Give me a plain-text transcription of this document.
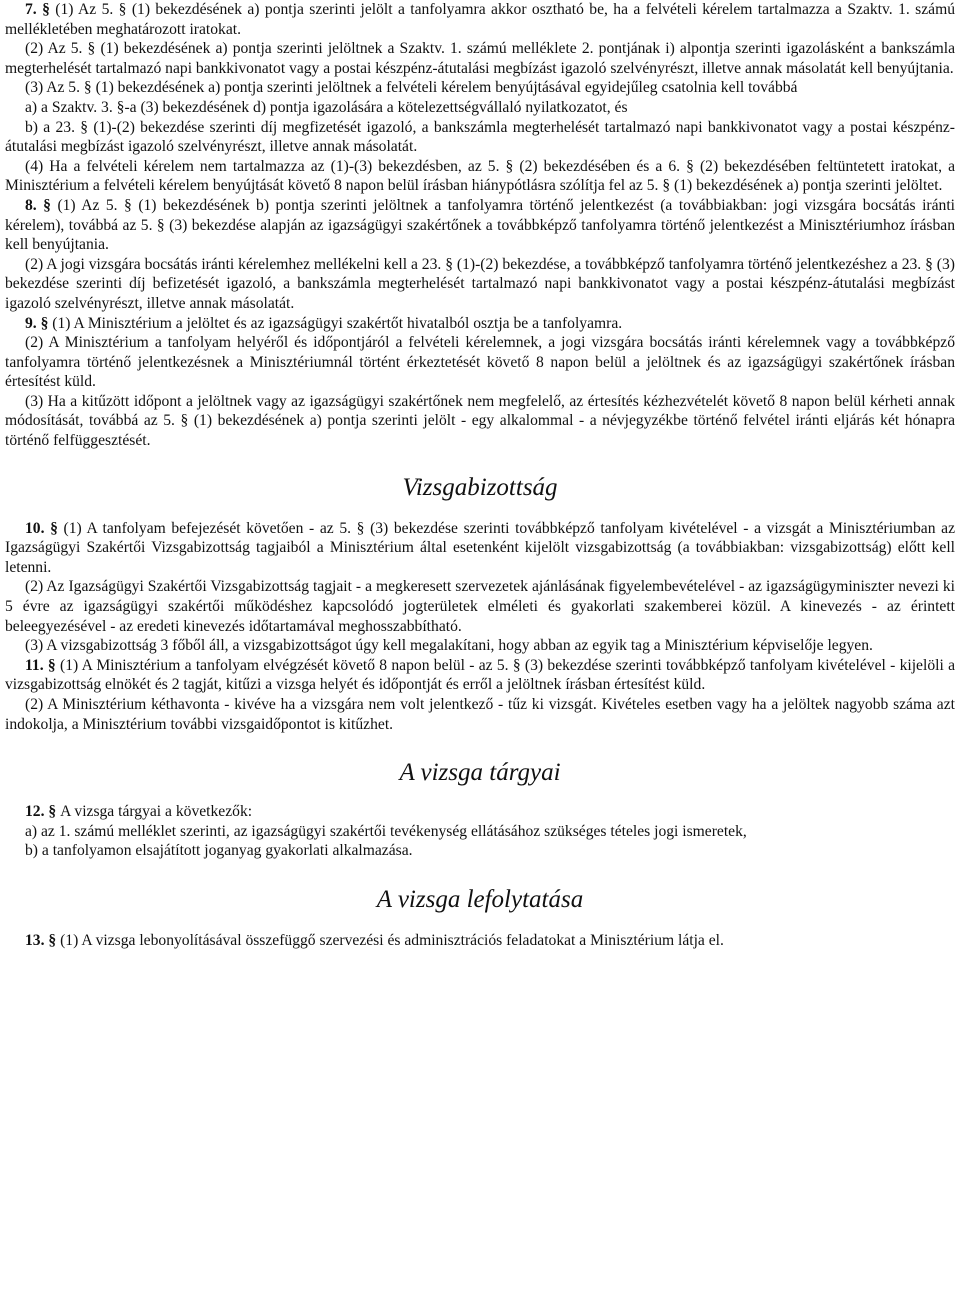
7. § (1) Az 5. § (1) bekezdésének a) pontja szerinti jelölt a tanfolyamra akkor osztható be, ha a felvételi kérelem tartalmazza a Szaktv. 1. számú mellékletében meghatározott iratokat.

(2) Az 5. § (1) bekezdésének a) pontja szerinti jelöltnek a Szaktv. 1. számú melléklete 2. pontjának i) alpontja szerinti igazolásként a bankszámla megterhelését tartalmazó napi bankkivonatot vagy a postai készpénz-átutalási megbízást igazoló szelvényrészt, illetve annak másolatát kell benyújtania.

(3) Az 5. § (1) bekezdésének a) pontja szerinti jelöltnek a felvételi kérelem benyújtásával egyidejűleg csatolnia kell továbbá

a) a Szaktv. 3. §-a (3) bekezdésének d) pontja igazolására a kötelezettségvállaló nyilatkozatot, és

b) a 23. § (1)-(2) bekezdése szerinti díj megfizetését igazoló, a bankszámla megterhelését tartalmazó napi bankkivonatot vagy a postai készpénz-átutalási megbízást igazoló szelvényrészt, illetve annak másolatát.

(4) Ha a felvételi kérelem nem tartalmazza az (1)-(3) bekezdésben, az 5. § (2) bekezdésében és a 6. § (2) bekezdésében feltüntetett iratokat, a Minisztérium a felvételi kérelem benyújtását követő 8 napon belül írásban hiánypótlásra szólítja fel az 5. § (1) bekezdésének a) pontja szerinti jelöltet.

8. § (1) Az 5. § (1) bekezdésének b) pontja szerinti jelöltnek a tanfolyamra történő jelentkezést (a továbbiakban: jogi vizsgára bocsátás iránti kérelem), továbbá az 5. § (3) bekezdése alapján az igazságügyi szakértőnek a továbbképző tanfolyamra történő jelentkezést a Minisztériumhoz írásban kell benyújtania.

(2) A jogi vizsgára bocsátás iránti kérelemhez mellékelni kell a 23. § (1)-(2) bekezdése, a továbbképző tanfolyamra történő jelentkezéshez a 23. § (3) bekezdése szerinti díj befizetését igazoló, a bankszámla megterhelését tartalmazó napi bankkivonatot vagy a postai készpénz-átutalási megbízást igazoló szelvényrészt, illetve annak másolatát.

9. § (1) A Minisztérium a jelöltet és az igazságügyi szakértőt hivatalból osztja be a tanfolyamra.

(2) A Minisztérium a tanfolyam helyéről és időpontjáról a felvételi kérelemnek, a jogi vizsgára bocsátás iránti kérelemnek vagy a továbbképző tanfolyamra történő jelentkezésnek a Minisztériumnál történt érkeztetését követő 8 napon belül a jelöltnek és az igazságügyi szakértőnek írásban értesítést küld.

(3) Ha a kitűzött időpont a jelöltnek vagy az igazságügyi szakértőnek nem megfelelő, az értesítés kézhezvételét követő 8 napon belül kérheti annak módosítását, továbbá az 5. § (1) bekezdésének a) pontja szerinti jelölt - egy alkalommal - a névjegyzékbe történő felvétel iránti eljárás két hónapra történő felfüggesztését.

Vizsgabizottság

10. § (1) A tanfolyam befejezését követően - az 5. § (3) bekezdése szerinti továbbképző tanfolyam kivételével - a vizsgát a Minisztériumban az Igazságügyi Szakértői Vizsgabizottság tagjaiból a Minisztérium által esetenként kijelölt vizsgabizottság (a továbbiakban: vizsgabizottság) előtt kell letenni.

(2) Az Igazságügyi Szakértői Vizsgabizottság tagjait - a megkeresett szervezetek ajánlásának figyelembevételével - az igazságügyminiszter nevezi ki 5 évre az igazságügyi szakértői működéshez kapcsolódó jogterületek elméleti és gyakorlati szakemberei közül. A kinevezés - az érintett beleegyezésével - az eredeti kinevezés időtartamával meghosszabbítható.

(3) A vizsgabizottság 3 főből áll, a vizsgabizottságot úgy kell megalakítani, hogy abban az egyik tag a Minisztérium képviselője legyen.

11. § (1) A Minisztérium a tanfolyam elvégzését követő 8 napon belül - az 5. § (3) bekezdése szerinti továbbképző tanfolyam kivételével - kijelöli a vizsgabizottság elnökét és 2 tagját, kitűzi a vizsga helyét és időpontját és erről a jelöltnek írásban értesítést küld.

(2) A Minisztérium kéthavonta - kivéve ha a vizsgára nem volt jelentkező - tűz ki vizsgát. Kivételes esetben vagy ha a jelöltek nagyobb száma azt indokolja, a Minisztérium további vizsgaidőpontot is kitűzhet.

A vizsga tárgyai

12. § A vizsga tárgyai a következők:

a) az 1. számú melléklet szerinti, az igazságügyi szakértői tevékenység ellátásához szükséges tételes jogi ismeretek,

b) a tanfolyamon elsajátított joganyag gyakorlati alkalmazása.

A vizsga lefolytatása

13. § (1) A vizsga lebonyolításával összefüggő szervezési és adminisztrációs feladatokat a Minisztérium látja el.
